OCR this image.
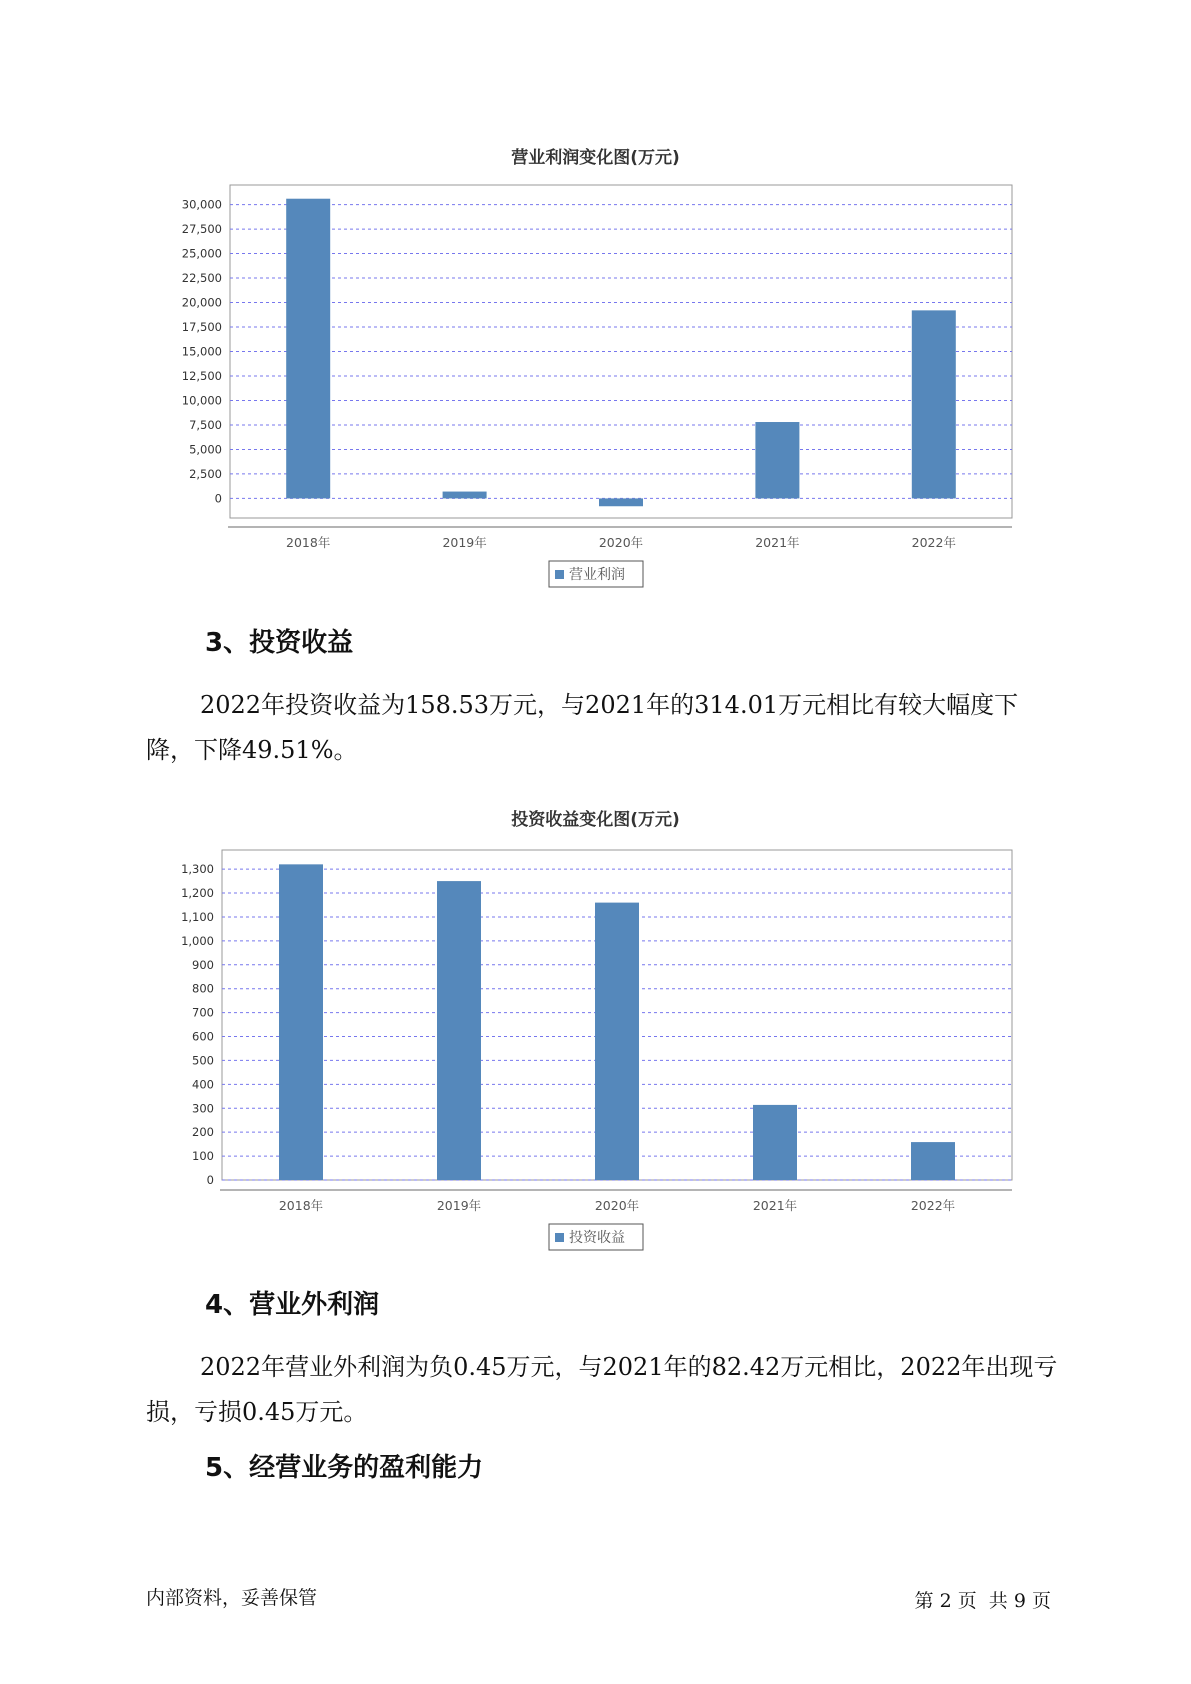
营业利润变化图(万元)
0
2,500
5,000
7,500
10,000
12,500
15,000
17,500
20,000
22,500
25,000
27,500
30,000
2018年	2019年	2020年	2021年	2022年
营业利润
3、投资收益

2022年投资收益为158.53万元，与2021年的314.01万元相比有较大幅度下降，下降49.51%。

投资收益变化图(万元)
0
100
200
300
400
500
600
700
800
900
1,000
1,100
1,200
1,300
2018年	2019年	2020年	2021年	2022年
投资收益
4、营业外利润

2022年营业外利润为负0.45万元，与2021年的82.42万元相比，2022年出现亏损，亏损0.45万元。

5、经营业务的盈利能力
内部资料，妥善保管	第 2 页  共 9 页
